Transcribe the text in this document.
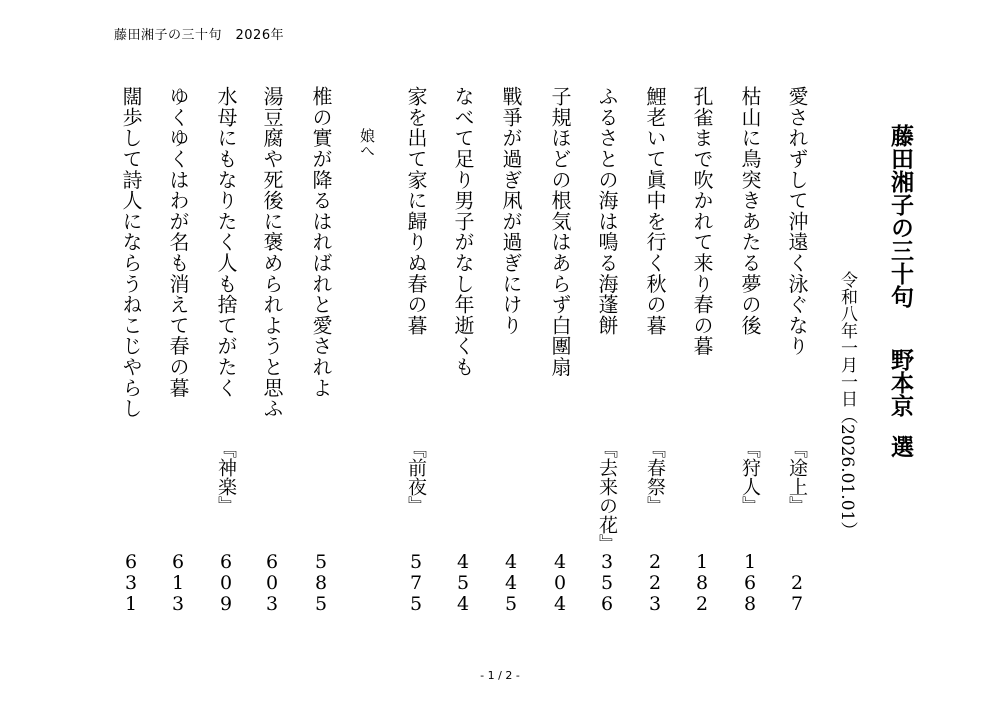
藤田湘子の三十句　2026年
藤田湘子の三十句野本京選
令和八年一月一日（2026.01.01）
娘へ	愛されずして沖遠く泳ぐなり
『途上』
2
7
枯山に鳥突きあたる夢の後
『狩人』
1
6
8
孔雀まで吹かれて来り春の暮
1
8
2
鯉老いて眞中を行く秋の暮
『春祭』
2
2
3
ふるさとの海は鳴る海蓬餅
『去来の花』
3
5
6
子規ほどの根気はあらず白團扇
4
0
4
戰爭が過ぎ凩が過ぎにけり
4
4
5
なべて足り男子がなし年逝くも
4
5
4
家を出て家に歸りぬ春の暮
『前夜』
5
7
5
椎の實が降るはればれと愛されよ
5
8
5
湯豆腐や死後に褒められようと思ふ
6
0
3
水母にもなりたく人も捨てがたく
『神楽』
6
0
9
ゆくゆくはわが名も消えて春の暮
6
1
3
闊歩して詩人にならうねこじやらし
6
3
1
- 1 / 2 -
